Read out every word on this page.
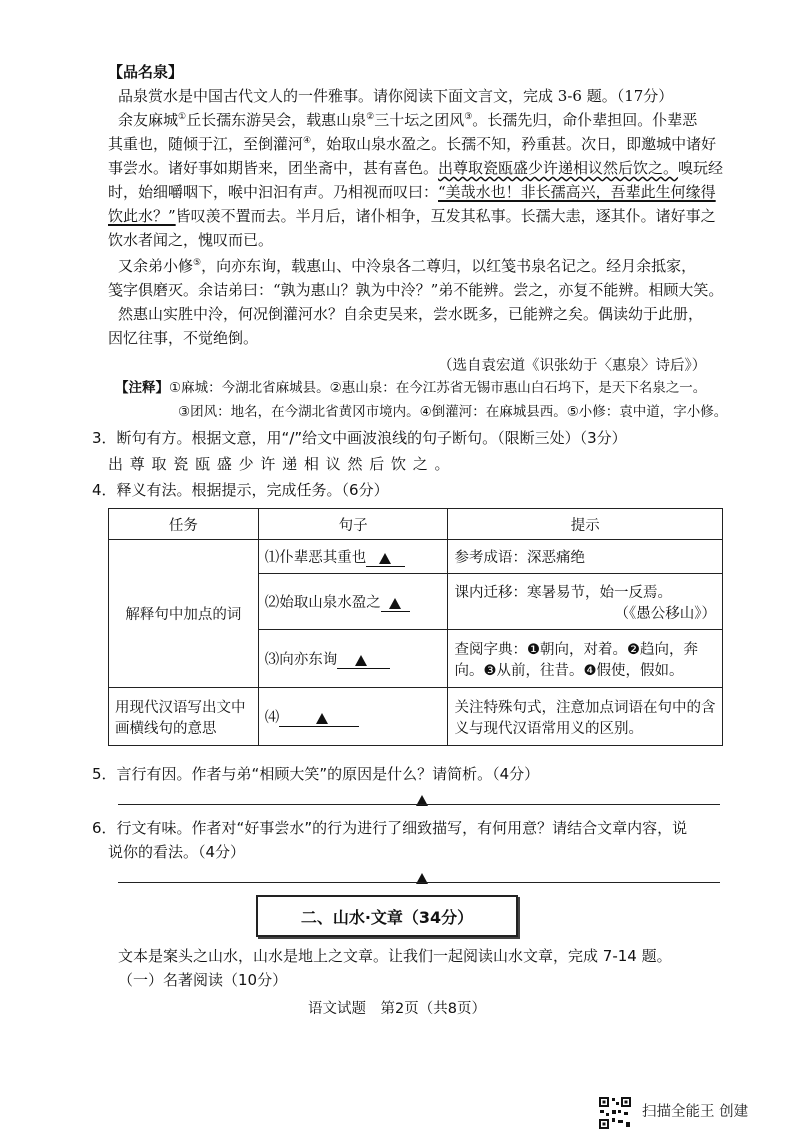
【品名泉】
品泉赏水是中国古代文人的一件雅事。请你阅读下面文言文，完成 3-6 题。（17分）
余友麻城①丘长孺东游吴会，载惠山泉②三十坛之团风③。长孺先归，命仆辈担回。仆辈恶
其重也，随倾于江，至倒灌河④，始取山泉水盈之。长孺不知，矜重甚。次日，即邀城中诸好
事尝水。诸好事如期皆来，团坐斋中，甚有喜色。出尊取瓷瓯盛少许递相议然后饮之。嗅玩经
时，始细嚼咽下，喉中汩汩有声。乃相视而叹曰：“美哉水也！非长孺高兴，吾辈此生何缘得
饮此水？”皆叹羡不置而去。半月后，诸仆相争，互发其私事。长孺大恚，逐其仆。诸好事之
饮水者闻之，愧叹而已。
又余弟小修⑤，向亦东询，载惠山、中泠泉各二尊归，以红笺书泉名记之。经月余抵家，
笺字俱磨灭。余诘弟曰：“孰为惠山？孰为中泠？”弟不能辨。尝之，亦复不能辨。相顾大笑。
然惠山实胜中泠，何况倒灌河水？自余吏吴来，尝水既多，已能辨之矣。偶读幼于此册，
因忆往事，不觉绝倒。
（选自袁宏道《识张幼于〈惠泉〉诗后》）
【注释】①麻城：今湖北省麻城县。②惠山泉：在今江苏省无锡市惠山白石坞下，是天下名泉之一。
③团风：地名，在今湖北省黄冈市境内。④倒灌河：在麻城县西。⑤小修：袁中道，字小修。
3．断句有方。根据文意，用“/”给文中画波浪线的句子断句。（限断三处）（3分）
出 尊 取 瓷 瓯 盛 少 许 递 相 议 然 后 饮 之 。
4．释义有法。根据提示，完成任务。（6分）
任务	句子	提示
解释句中加点的词	⑴仆辈恶其重也	参考成语：深恶痛绝
	⑵始取山泉水盈之	课内迁移：寒暑易节，始一反焉。
（《愚公移山》）

	⑶向亦东询	查阅字典：❶朝向，对着。❷趋向，奔
向。❸从前，往昔。❹假使，假如。

用现代汉语写出文中画横线句的意思	⑷	关注特殊句式，注意加点词语在句中的含义与现代汉语常用义的区别。
5．言行有因。作者与弟“相顾大笑”的原因是什么？请简析。（4分）
6．行文有味。作者对“好事尝水”的行为进行了细致描写，有何用意？请结合文章内容，说
说你的看法。（4分）
二、山水·文章（34分）
文本是案头之山水，山水是地上之文章。让我们一起阅读山水文章，完成 7-14 题。
（一）名著阅读（10分）
语文试题　第2页（共8页）
扫描全能王 创建
